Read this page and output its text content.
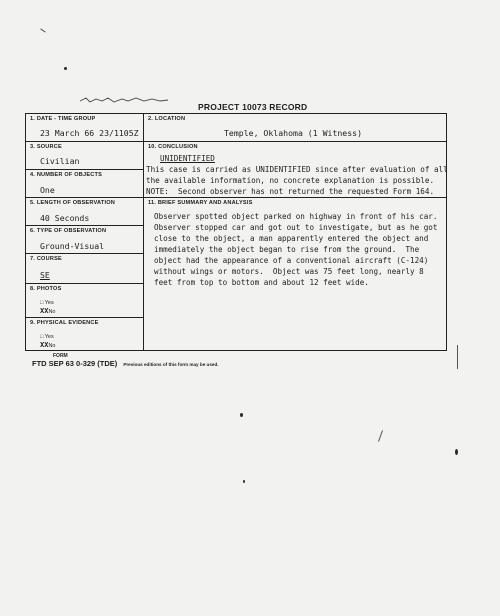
PROJECT 10073 RECORD
1. DATE - TIME GROUP
23 March 66 23/1105Z
3. SOURCE
Civilian
4. NUMBER OF OBJECTS
One
5. LENGTH OF OBSERVATION
40 Seconds
6. TYPE OF OBSERVATION
Ground-Visual
7. COURSE
SE
8. PHOTOS
□ Yes
XXNo
9. PHYSICAL EVIDENCE
□ Yes
XXNo
2. LOCATION
Temple, Oklahoma (1 Witness)
10. CONCLUSION
UNIDENTIFIED
This case is carried as UNIDENTIFIED since after evaluation of all
the available information, no concrete explanation is possible.
NOTE:  Second observer has not returned the requested Form 164.
11. BRIEF SUMMARY AND ANALYSIS
Observer spotted object parked on highway in front of his car.
Observer stopped car and got out to investigate, but as he got
close to the object, a man apparently entered the object and
immediately the object began to rise from the ground.  The
object had the appearance of a conventional aircraft (C-124)
without wings or motors.  Object was 75 feet long, nearly 8
feet from top to bottom and about 12 feet wide.
FORM
FTD SEP 63 0-329 (TDE) Previous editions of this form may be used.
